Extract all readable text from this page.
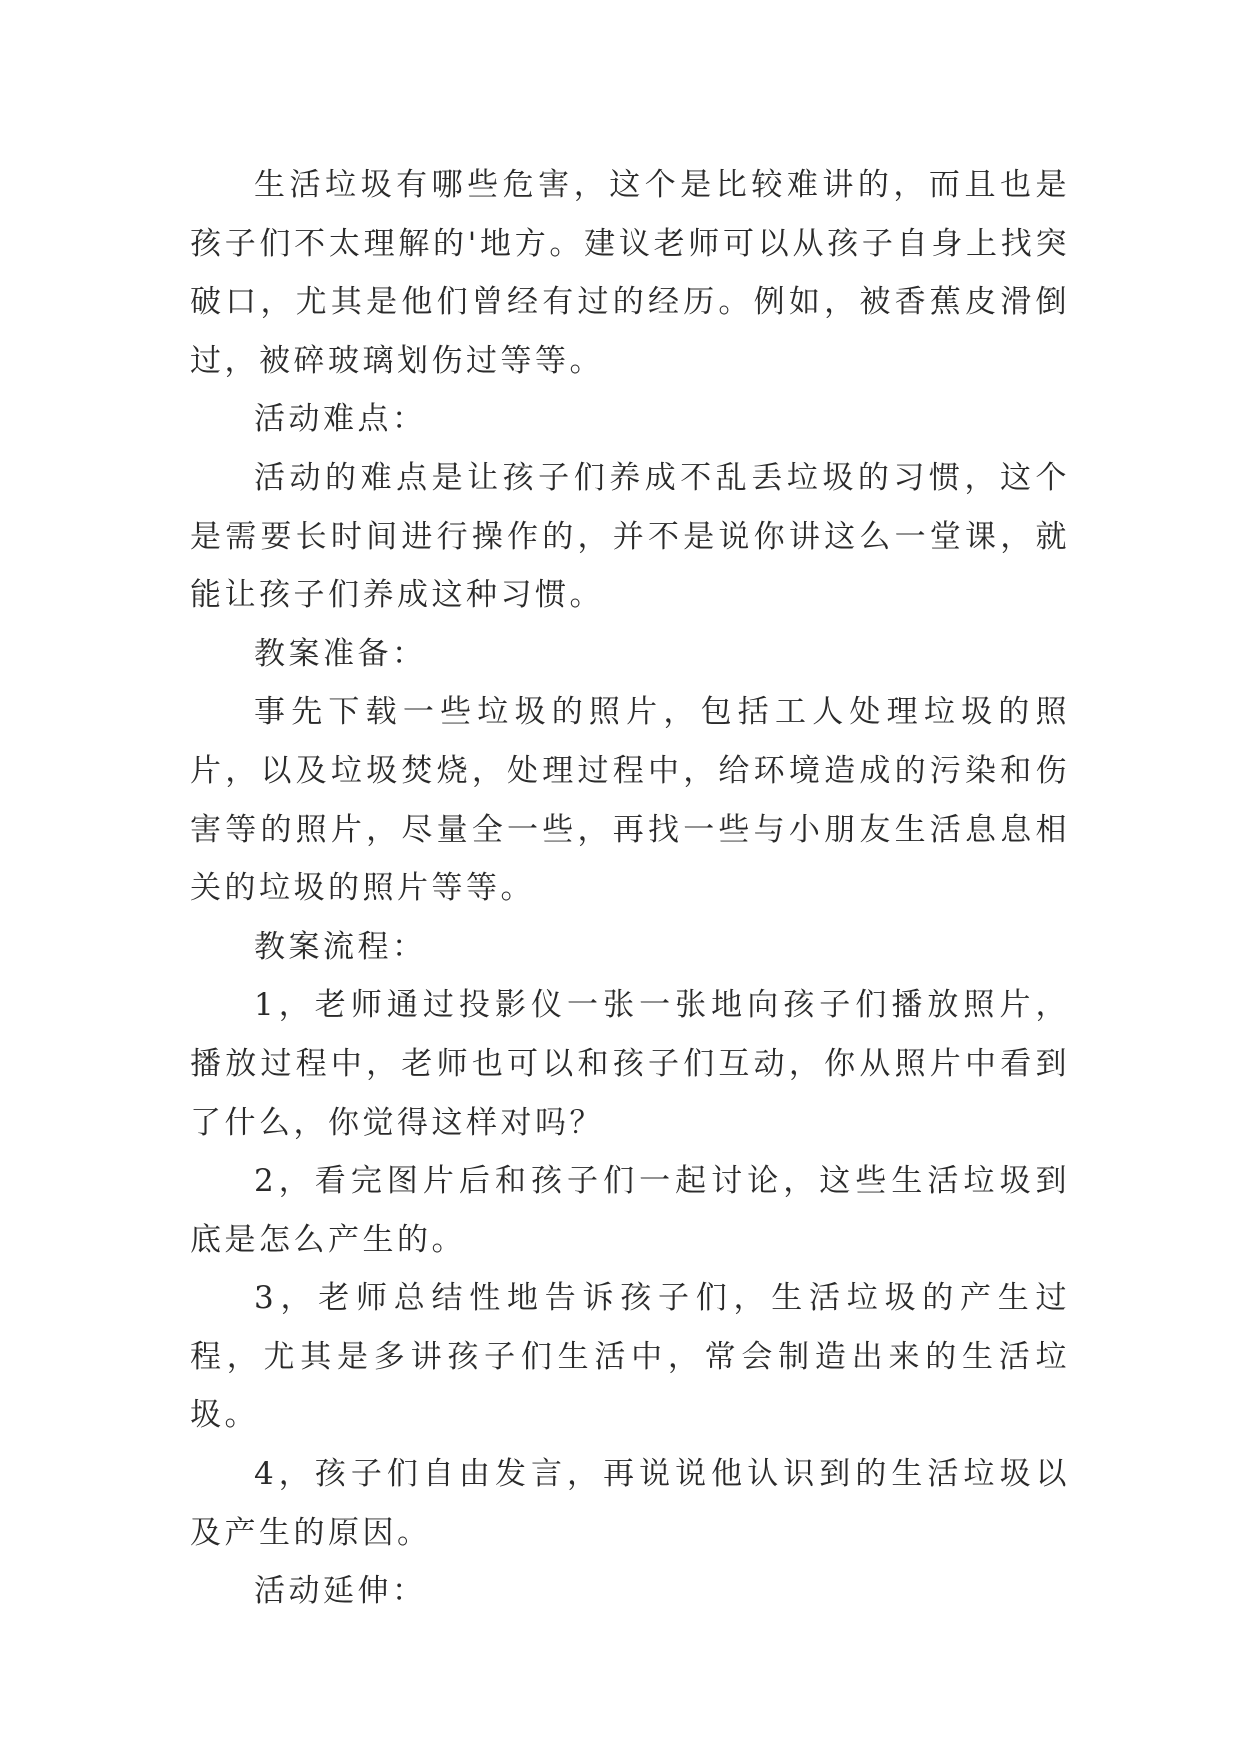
生活垃圾有哪些危害，这个是比较难讲的，而且也是孩子们不太理解的'地方。建议老师可以从孩子自身上找突破口，尤其是他们曾经有过的经历。例如，被香蕉皮滑倒过，被碎玻璃划伤过等等。

活动难点：

活动的难点是让孩子们养成不乱丢垃圾的习惯，这个是需要长时间进行操作的，并不是说你讲这么一堂课，就能让孩子们养成这种习惯。

教案准备：

事先下载一些垃圾的照片，包括工人处理垃圾的照片，以及垃圾焚烧，处理过程中，给环境造成的污染和伤害等的照片，尽量全一些，再找一些与小朋友生活息息相关的垃圾的照片等等。

教案流程：

1，老师通过投影仪一张一张地向孩子们播放照片，播放过程中，老师也可以和孩子们互动，你从照片中看到了什么，你觉得这样对吗？

2，看完图片后和孩子们一起讨论，这些生活垃圾到底是怎么产生的。

3，老师总结性地告诉孩子们，生活垃圾的产生过程，尤其是多讲孩子们生活中，常会制造出来的生活垃圾。

4，孩子们自由发言，再说说他认识到的生活垃圾以及产生的原因。

活动延伸：
